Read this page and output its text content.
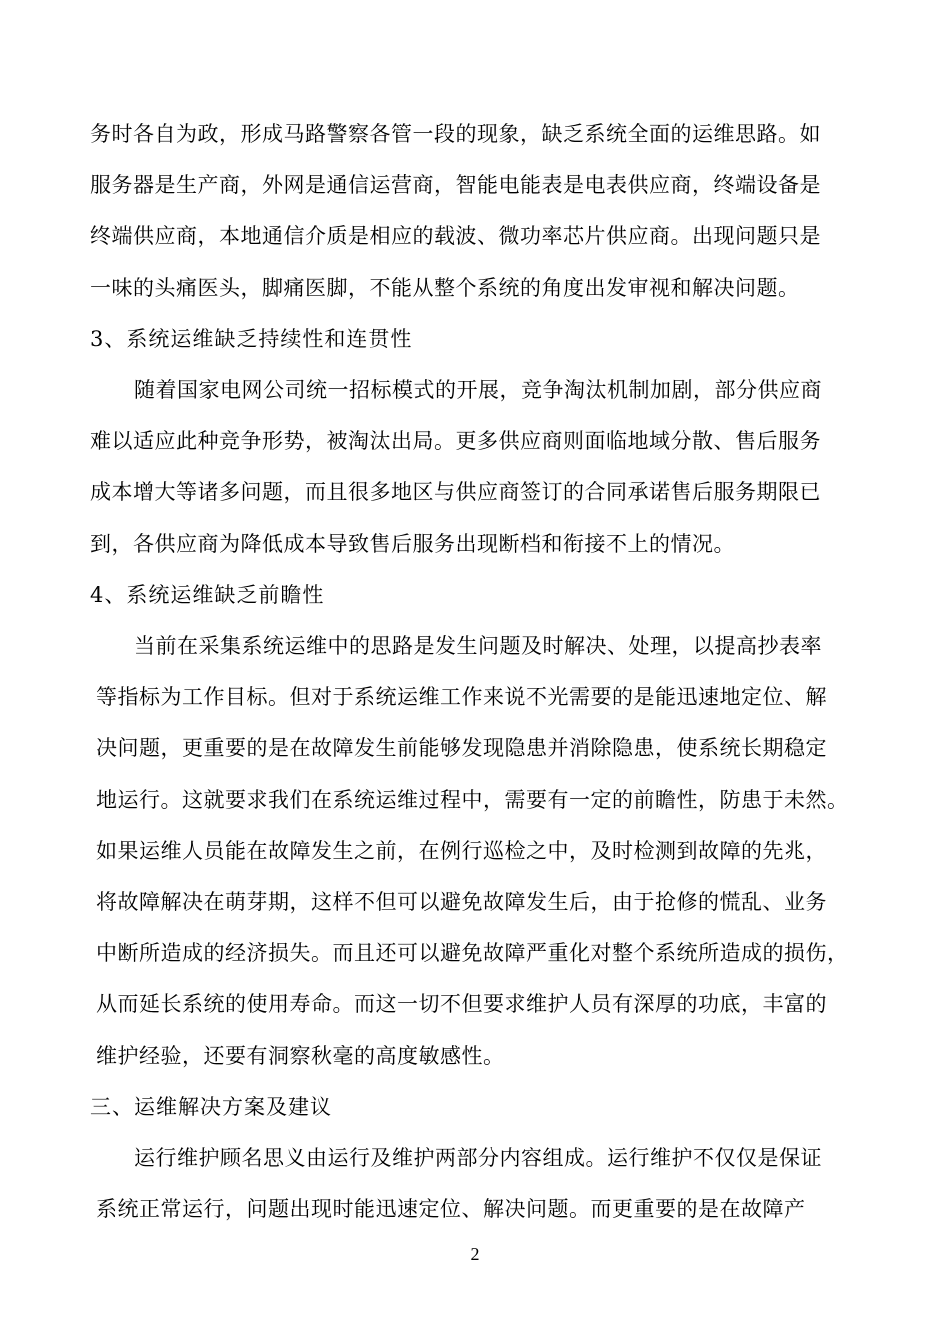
务时各自为政，形成马路警察各管一段的现象，缺乏系统全面的运维思路。如
服务器是生产商，外网是通信运营商，智能电能表是电表供应商，终端设备是
终端供应商，本地通信介质是相应的载波、微功率芯片供应商。出现问题只是
一味的头痛医头，脚痛医脚，不能从整个系统的角度出发审视和解决问题。
3、系统运维缺乏持续性和连贯性
随着国家电网公司统一招标模式的开展，竞争淘汰机制加剧，部分供应商
难以适应此种竞争形势，被淘汰出局。更多供应商则面临地域分散、售后服务
成本增大等诸多问题，而且很多地区与供应商签订的合同承诺售后服务期限已
到，各供应商为降低成本导致售后服务出现断档和衔接不上的情况。
4、系统运维缺乏前瞻性
当前在采集系统运维中的思路是发生问题及时解决、处理，以提高抄表率
等指标为工作目标。但对于系统运维工作来说不光需要的是能迅速地定位、解
决问题，更重要的是在故障发生前能够发现隐患并消除隐患，使系统长期稳定
地运行。这就要求我们在系统运维过程中，需要有一定的前瞻性，防患于未然。
如果运维人员能在故障发生之前，在例行巡检之中，及时检测到故障的先兆，
将故障解决在萌芽期，这样不但可以避免故障发生后，由于抢修的慌乱、业务
中断所造成的经济损失。而且还可以避免故障严重化对整个系统所造成的损伤，
从而延长系统的使用寿命。而这一切不但要求维护人员有深厚的功底，丰富的
维护经验，还要有洞察秋毫的高度敏感性。
三、运维解决方案及建议
运行维护顾名思义由运行及维护两部分内容组成。运行维护不仅仅是保证
系统正常运行，问题出现时能迅速定位、解决问题。而更重要的是在故障产
2
